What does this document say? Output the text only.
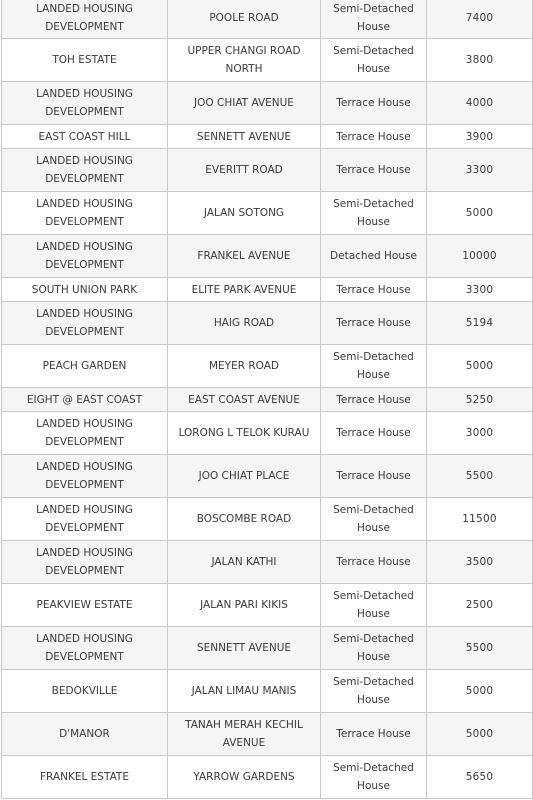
LANDED HOUSING DEVELOPMENT	POOLE ROAD	Semi-Detached House	7400
TOH ESTATE	UPPER CHANGI ROAD NORTH	Semi-Detached House	3800
LANDED HOUSING DEVELOPMENT	JOO CHIAT AVENUE	Terrace House	4000
EAST COAST HILL	SENNETT AVENUE	Terrace House	3900
LANDED HOUSING DEVELOPMENT	EVERITT ROAD	Terrace House	3300
LANDED HOUSING DEVELOPMENT	JALAN SOTONG	Semi-Detached House	5000
LANDED HOUSING DEVELOPMENT	FRANKEL AVENUE	Detached House	10000
SOUTH UNION PARK	ELITE PARK AVENUE	Terrace House	3300
LANDED HOUSING DEVELOPMENT	HAIG ROAD	Terrace House	5194
PEACH GARDEN	MEYER ROAD	Semi-Detached House	5000
EIGHT @ EAST COAST	EAST COAST AVENUE	Terrace House	5250
LANDED HOUSING DEVELOPMENT	LORONG L TELOK KURAU	Terrace House	3000
LANDED HOUSING DEVELOPMENT	JOO CHIAT PLACE	Terrace House	5500
LANDED HOUSING DEVELOPMENT	BOSCOMBE ROAD	Semi-Detached House	11500
LANDED HOUSING DEVELOPMENT	JALAN KATHI	Terrace House	3500
PEAKVIEW ESTATE	JALAN PARI KIKIS	Semi-Detached House	2500
LANDED HOUSING DEVELOPMENT	SENNETT AVENUE	Semi-Detached House	5500
BEDOKVILLE	JALAN LIMAU MANIS	Semi-Detached House	5000
D'MANOR	TANAH MERAH KECHIL AVENUE	Terrace House	5000
FRANKEL ESTATE	YARROW GARDENS	Semi-Detached House	5650
